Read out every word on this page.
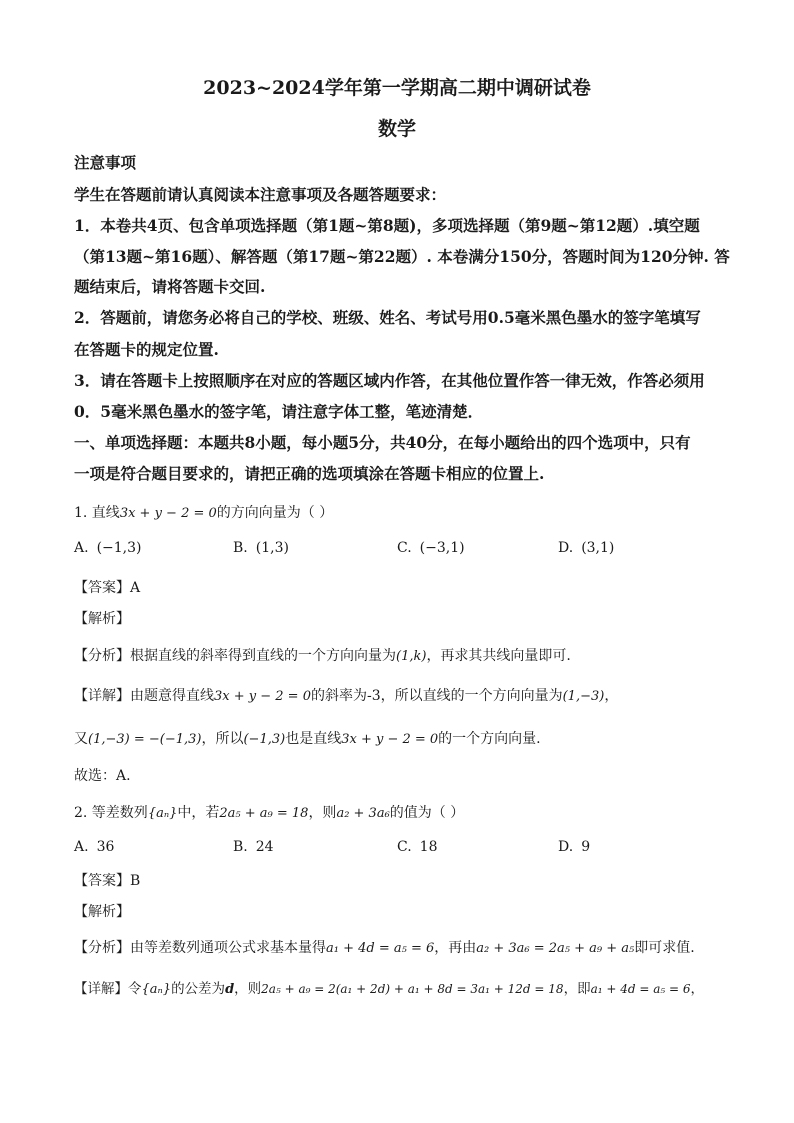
2023~2024学年第一学期高二期中调研试卷
数学
注意事项
学生在答题前请认真阅读本注意事项及各题答题要求：
1．本卷共4页、包含单项选择题（第1题~第8题)，多项选择题（第9题~第12题）.填空题
（第13题~第16题）、解答题（第17题~第22题）. 本卷满分150分，答题时间为120分钟. 答
题结束后，请将答题卡交回.
2．答题前，请您务必将自己的学校、班级、姓名、考试号用0.5毫米黑色墨水的签字笔填写
在答题卡的规定位置.
3．请在答题卡上按照顺序在对应的答题区域内作答，在其他位置作答一律无效，作答必须用
0．5毫米黑色墨水的签字笔，请注意字体工整，笔迹清楚．
一、单项选择题：本题共8小题，每小题5分，共40分，在每小题给出的四个选项中，只有
一项是符合题目要求的，请把正确的选项填涂在答题卡相应的位置上.
1. 直线3x + y − 2 = 0的方向向量为（ ）
A. (−1,3)	B. (1,3)	C. (−3,1)	D. (3,1)
【答案】A
【解析】
【分析】根据直线的斜率得到直线的一个方向向量为(1,k)，再求其共线向量即可.
【详解】由题意得直线3x + y − 2 = 0的斜率为-3，所以直线的一个方向向量为(1,−3)，
又(1,−3) = −(−1,3)，所以(−1,3)也是直线3x + y − 2 = 0的一个方向向量.
故选：A.
2. 等差数列{aₙ}中，若2a₅ + a₉ = 18，则a₂ + 3a₆的值为（ ）
A. 36	B. 24	C. 18	D. 9
【答案】B
【解析】
【分析】由等差数列通项公式求基本量得a₁ + 4d = a₅ = 6，再由a₂ + 3a₆ = 2a₅ + a₉ + a₅即可求值.
【详解】令{aₙ}的公差为d，则2a₅ + a₉ = 2(a₁ + 2d) + a₁ + 8d = 3a₁ + 12d = 18，即a₁ + 4d = a₅ = 6，
